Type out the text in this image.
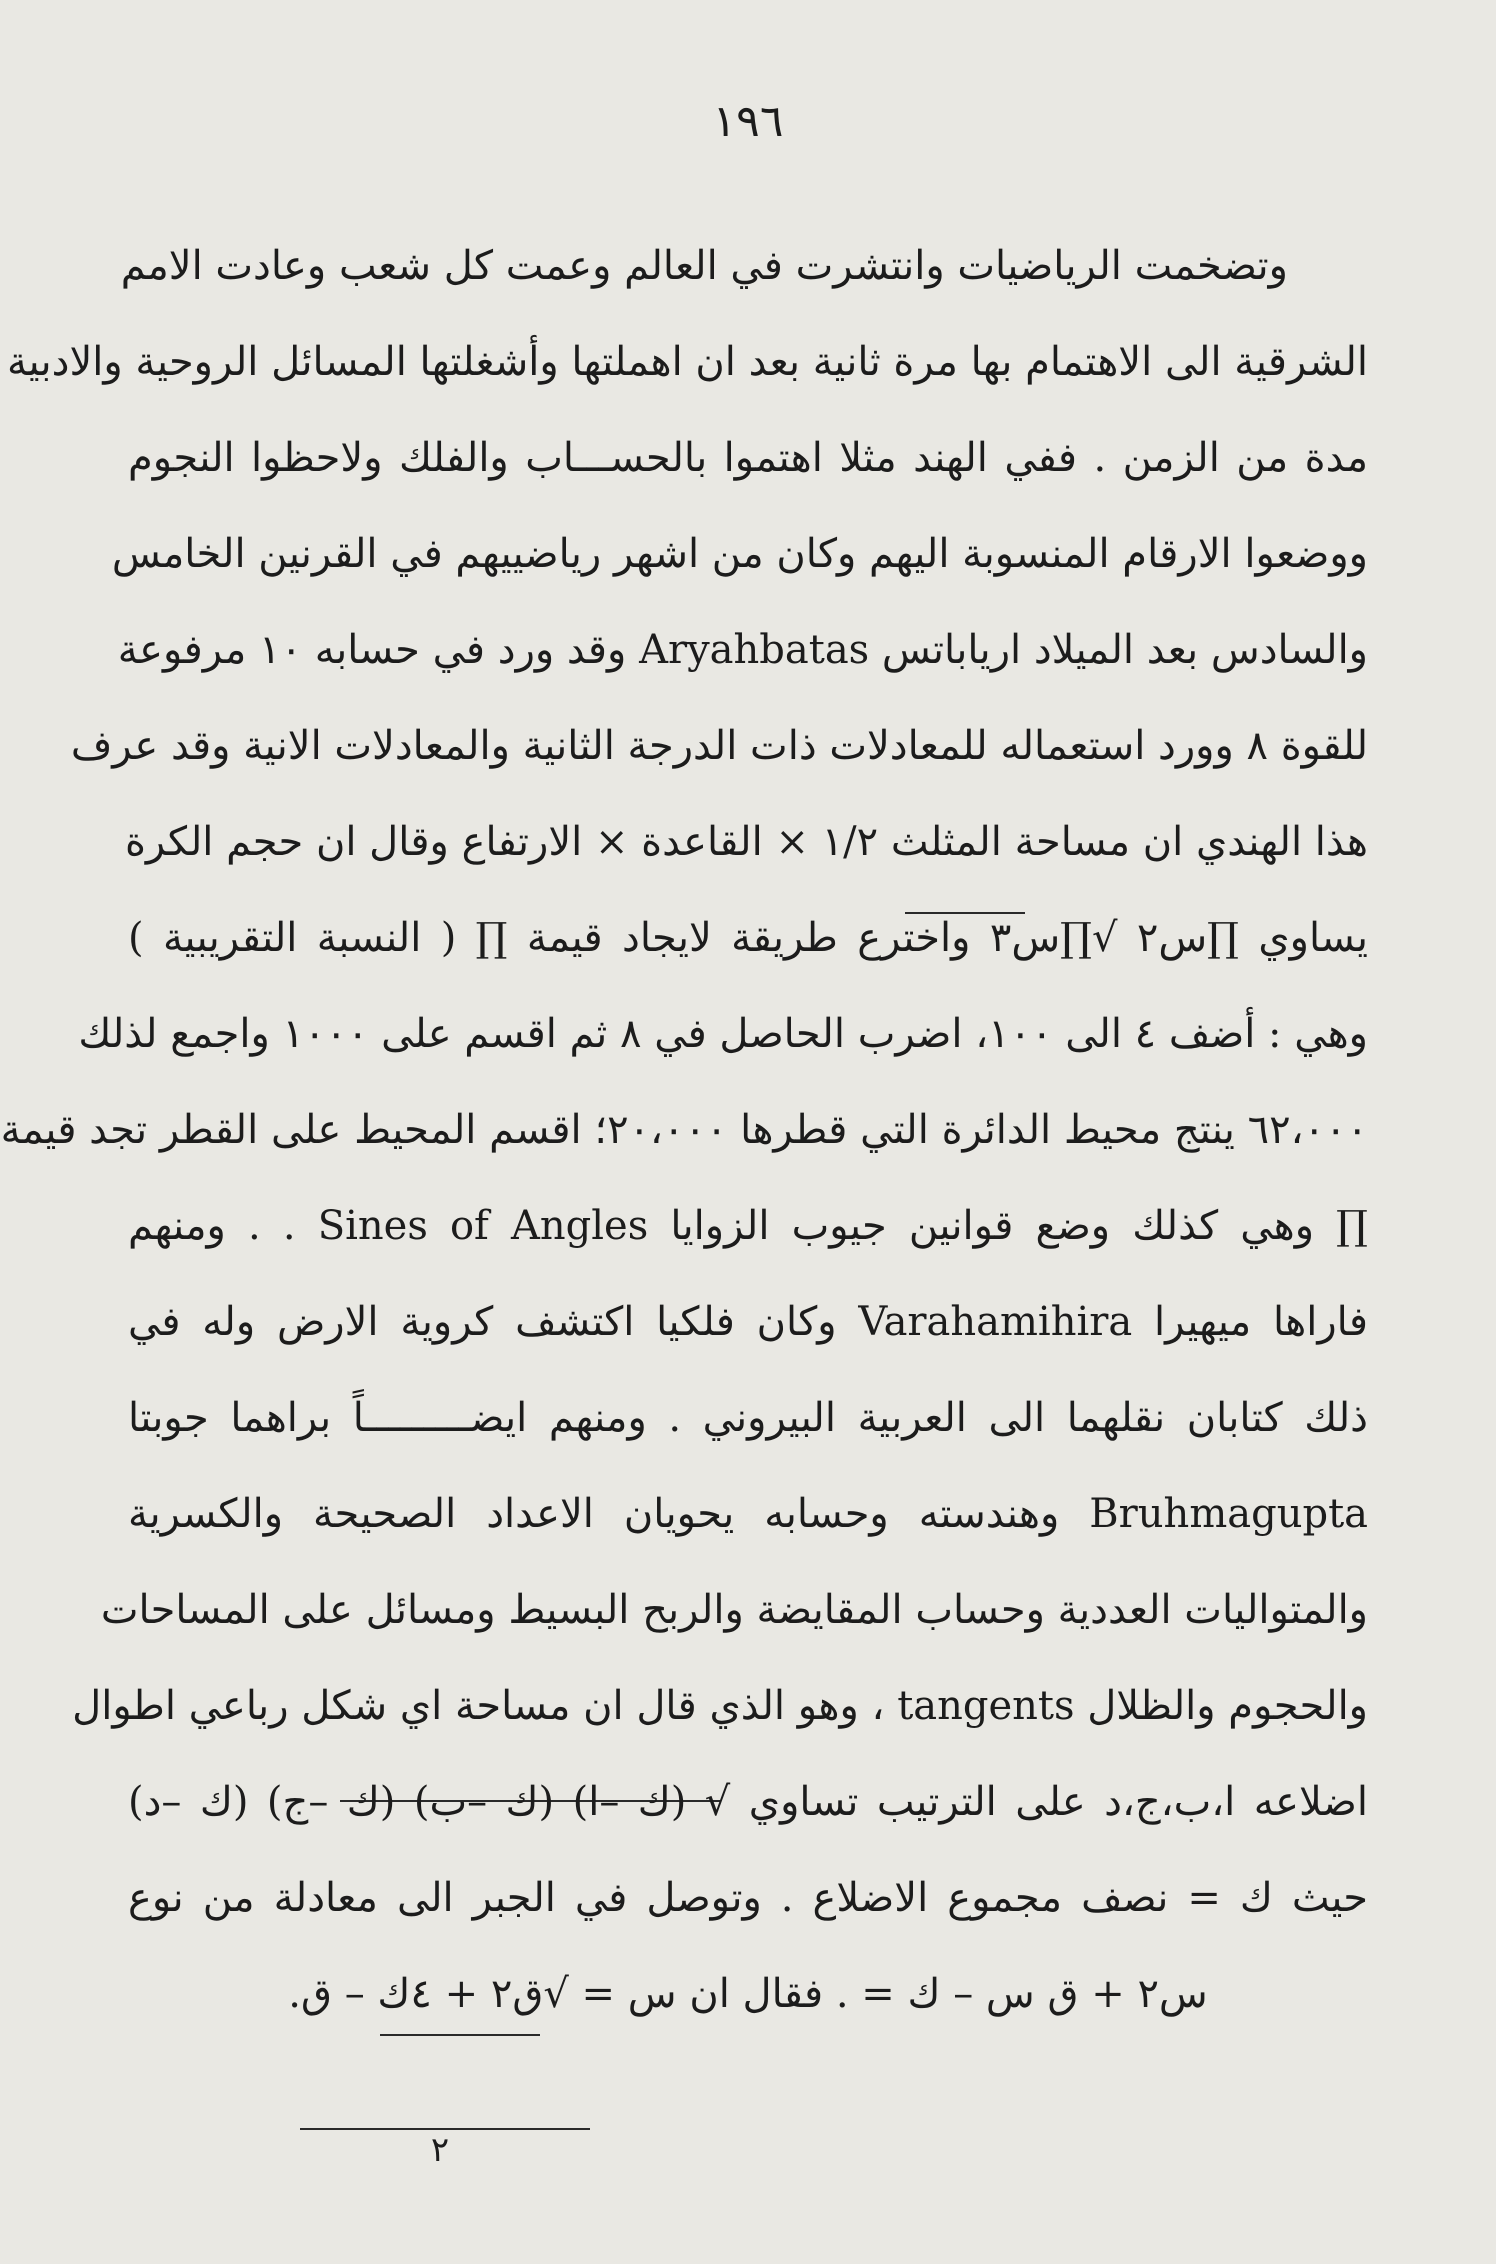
١٩٦
وتضخمت الرياضيات وانتشرت في العالم وعمت كل شعب وعادت الامم
الشرقية الى الاهتمام بها مرة ثانية بعد ان اهملتها وأشغلتها المسائل الروحية والادبية
مدة من الزمن . ففي الهند مثلا اهتموا بالحســـاب والفلك ولاحظوا النجوم
ووضعوا الارقام المنسوبة اليهم وكان من اشهر رياضييهم في القرنين الخامس
والسادس بعد الميلاد ارياباتس Aryahbatas وقد ورد في حسابه ١٠ مرفوعة
للقوة ٨ وورد استعماله للمعادلات ذات الدرجة الثانية والمعادلات الانية وقد عرف
هذا الهندي ان مساحة المثلث ١/٢ × القاعدة × الارتفاع وقال ان حجم الكرة
يساوي ∏س٢ √∏س٣ واخترع طريقة لايجاد قيمة ∏ ( النسبة التقريبية )
وهي : أضف ٤ الى ١٠٠، اضرب الحاصل في ٨ ثم اقسم على ١٠٠٠ واجمع لذلك
٦٢،٠٠٠ ينتج محيط الدائرة التي قطرها ٢٠،٠٠٠؛ اقسم المحيط على القطر تجد قيمة
∏ وهي كذلك وضع قوانين جيوب الزوايا Sines of Angles . . ومنهم
فاراها ميهيرا Varahamihira وكان فلكيا اكتشف كروية الارض وله في
ذلك كتابان نقلهما الى العربية البيروني . ومنهم ايضـــــــــاً براهما جوبتا
Bruhmagupta وهندسته وحسابه يحويان الاعداد الصحيحة والكسرية
والمتواليات العددية وحساب المقايضة والربح البسيط ومسائل على المساحات
والحجوم والظلال tangents ، وهو الذي قال ان مساحة اي شكل رباعي اطوال
اضلاعه ا،ب،ج،د على الترتيب تساوي √ (ك –ا) (ك –ب) (ك –ج) (ك –د)
حيث ك = نصف مجموع الاضلاع . وتوصل في الجبر الى معادلة من نوع
س٢ + ق س – ك = . فقال ان س = √ق٢ + ٤ك – ق.
٢
